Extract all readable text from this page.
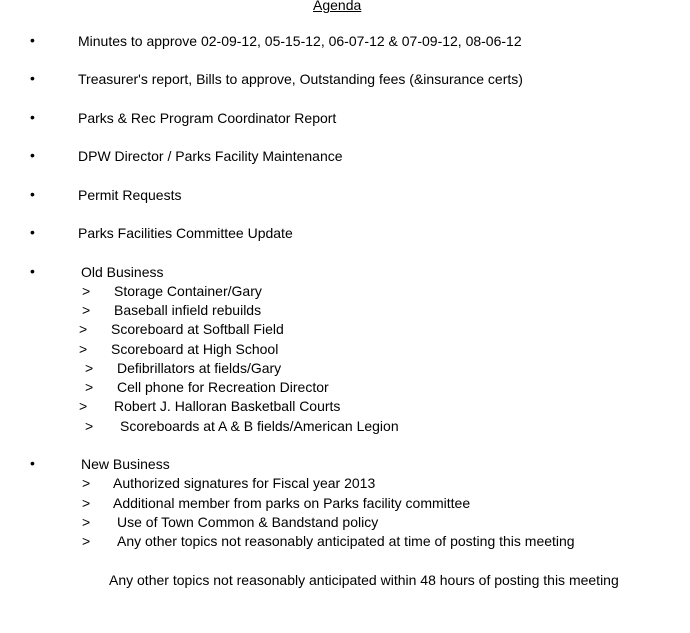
Agenda
•	Minutes to approve 02-09-12, 05-15-12, 06-07-12 & 07-09-12, 08-06-12
•	Treasurer's report, Bills to approve, Outstanding fees (&insurance certs)
•	Parks & Rec Program Coordinator Report
•	DPW Director / Parks Facility Maintenance
•	Permit Requests
•	Parks Facilities Committee Update
•	Old Business
> Storage Container/Gary
> Baseball infield rebuilds
> Scoreboard at Softball Field
> Scoreboard at High School
> Defibrillators at fields/Gary
> Cell phone for Recreation Director
> Robert J. Halloran Basketball Courts
> Scoreboards at A & B fields/American Legion
•	New Business
> Authorized signatures for Fiscal year 2013
> Additional member from parks on Parks facility committee
> Use of Town Common & Bandstand policy
> Any other topics not reasonably anticipated at time of posting this meeting
Any other topics not reasonably anticipated within 48 hours of posting this meeting
